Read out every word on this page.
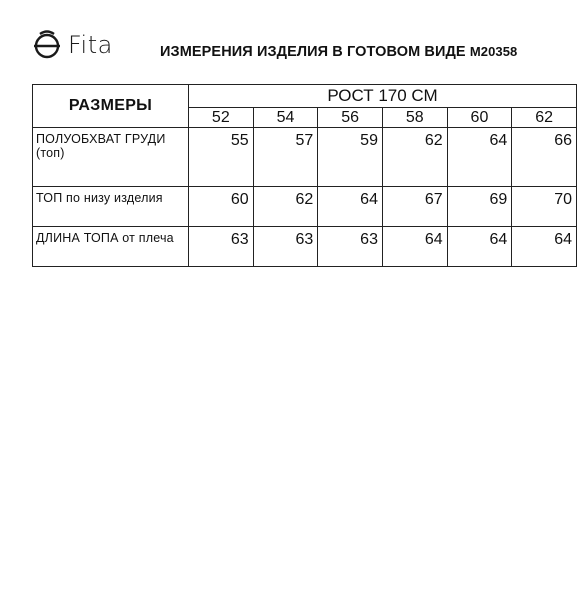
Fita	ИЗМЕРЕНИЯ ИЗДЕЛИЯ В ГОТОВОМ ВИДЕ M20358
РАЗМЕРЫ	РОСТ 170 СМ					
	52	54	56	58	60	62
ПОЛУОБХВАТ ГРУДИ (топ)	55	57	59	62	64	66
ТОП по низу изделия	60	62	64	67	69	70
ДЛИНА ТОПА от плеча	63	63	63	64	64	64
